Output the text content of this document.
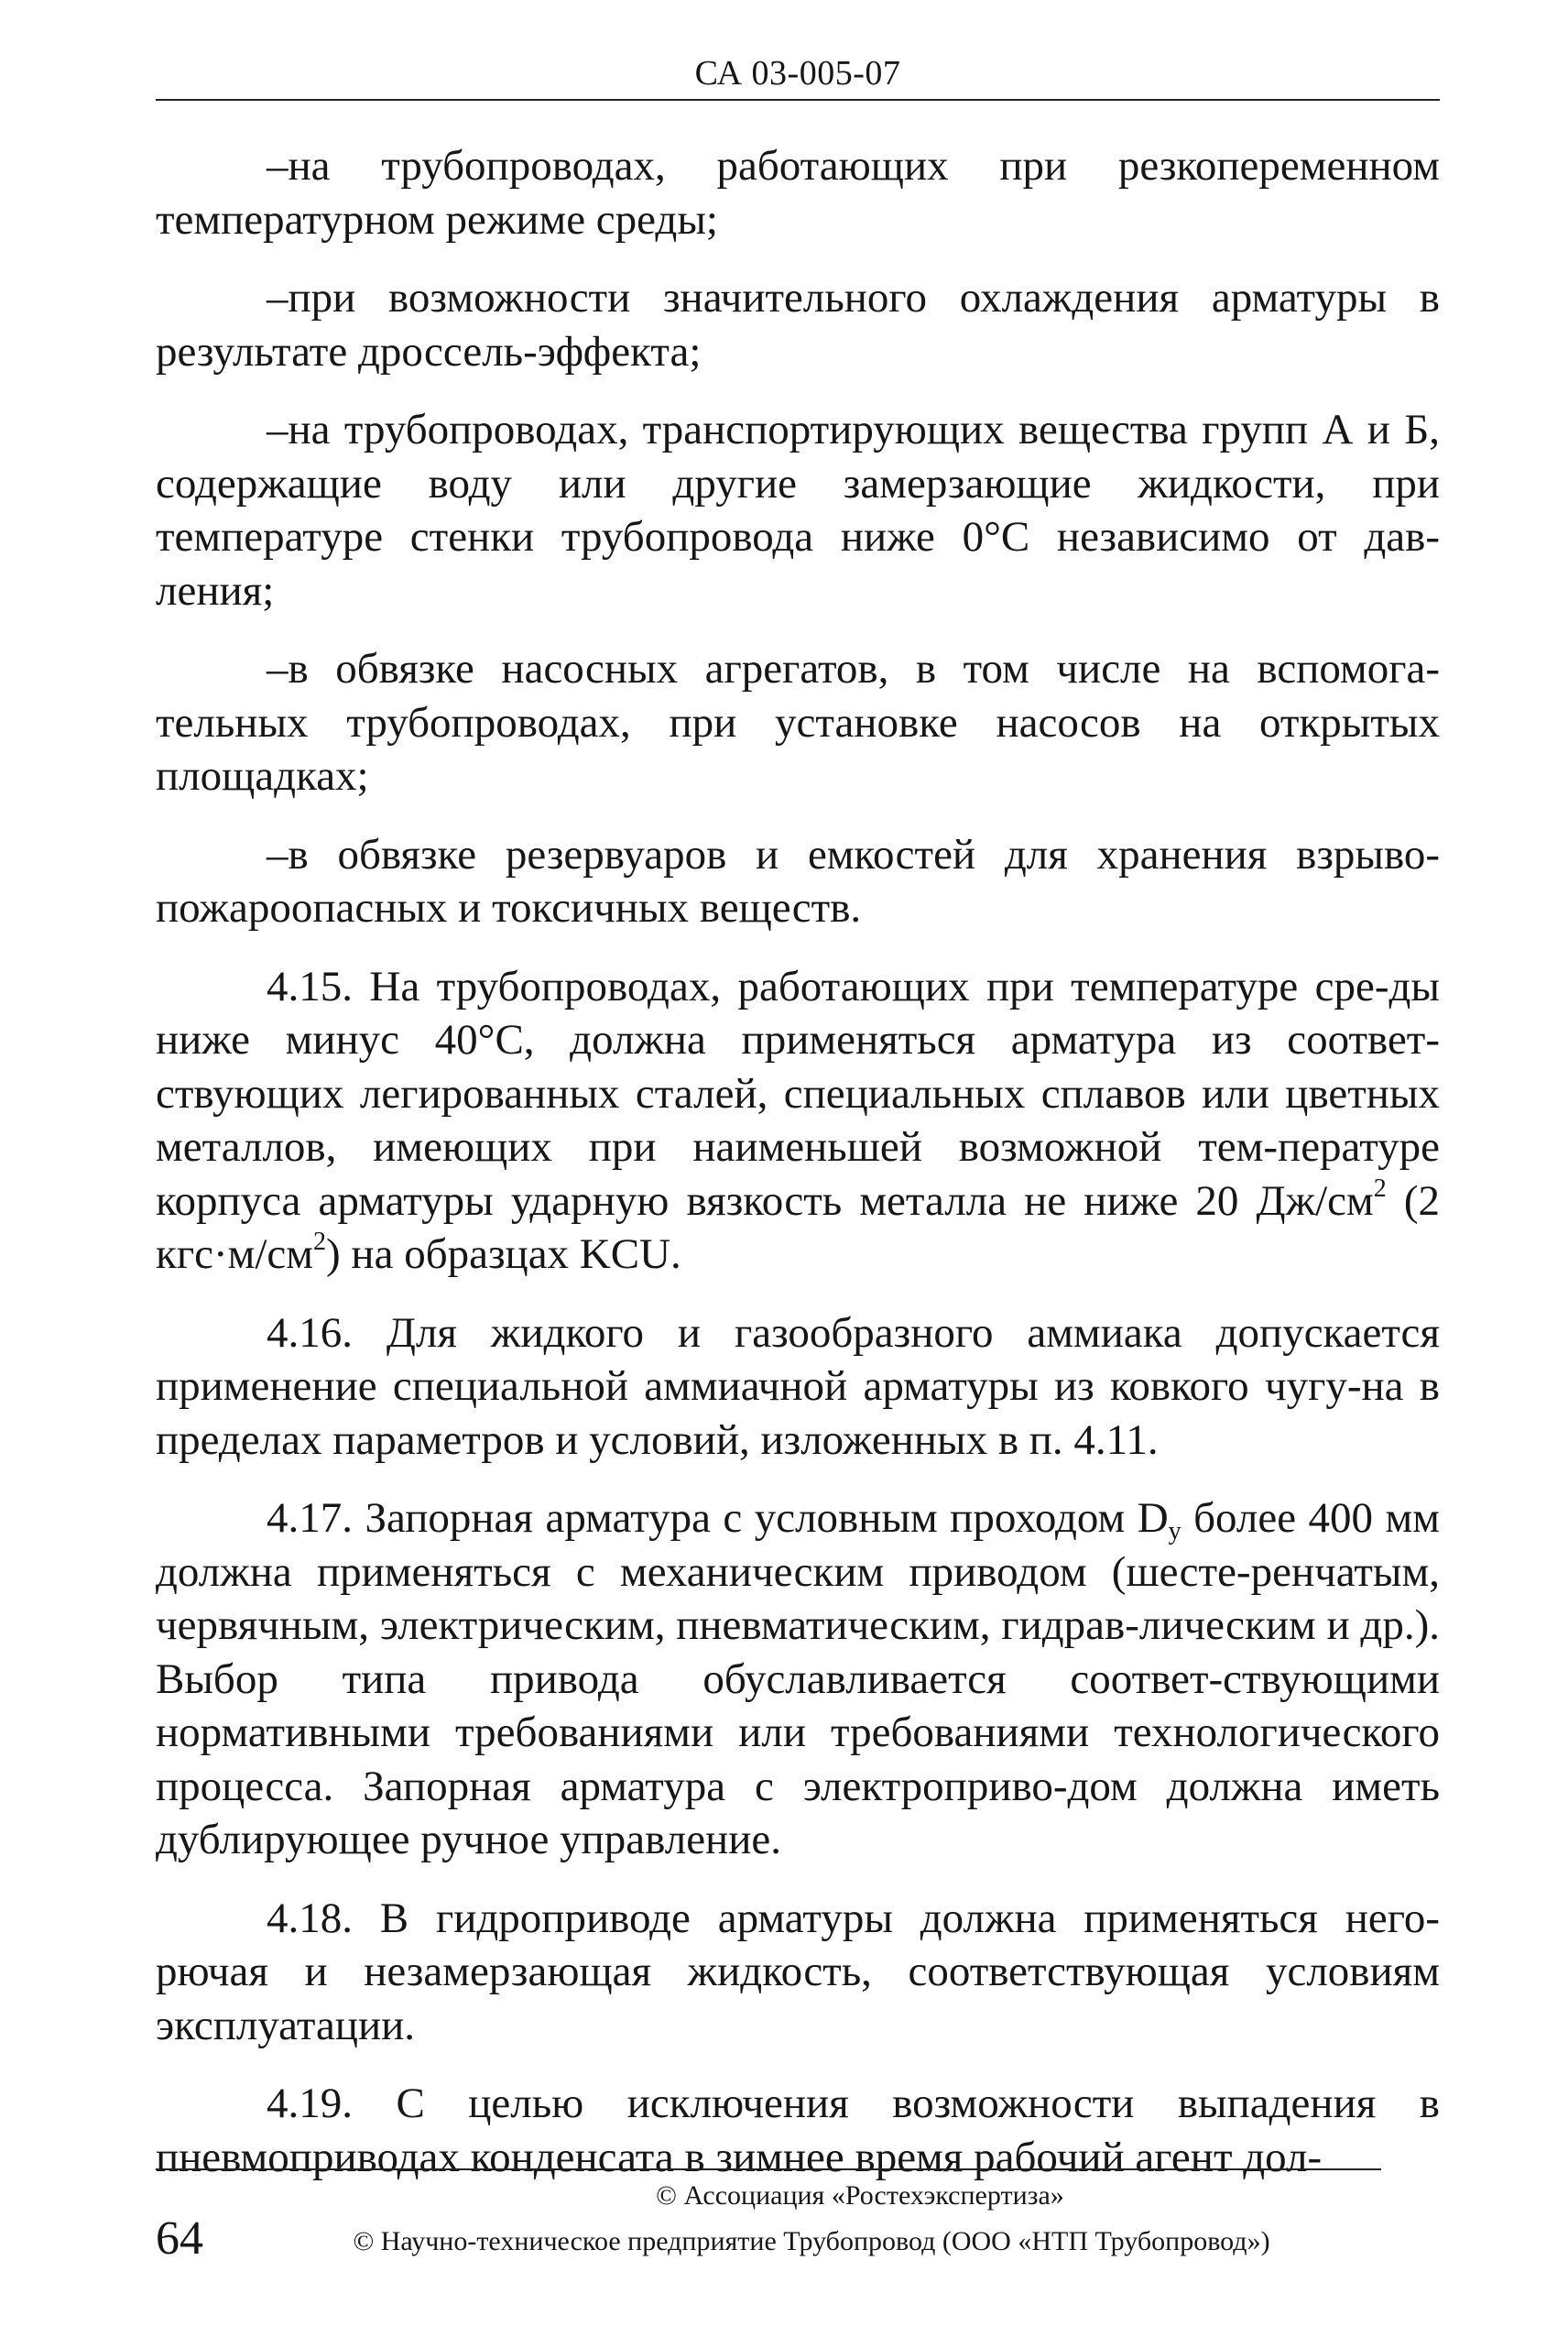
СА 03-005-07

–на трубопроводах, работающих при резкопеременном температурном режиме среды;

–при возможности значительного охлаждения арматуры в результате дроссель-эффекта;

–на трубопроводах, транспортирующих вещества групп А и Б, содержащие воду или другие замерзающие жидкости, при температуре стенки трубопровода ниже 0°С независимо от дав-ления;

–в обвязке насосных агрегатов, в том числе на вспомога-тельных трубопроводах, при установке насосов на открытых площадках;

–в обвязке резервуаров и емкостей для хранения взрыво-пожароопасных и токсичных веществ.

4.15. На трубопроводах, работающих при температуре сре-ды ниже минус 40°С, должна применяться арматура из соответ-ствующих легированных сталей, специальных сплавов или цветных металлов, имеющих при наименьшей возможной тем-пературе корпуса арматуры ударную вязкость металла не ниже 20 $Дж/см^2$ (2 $кгс\cdot м/см^2$) на образцах KCU.

4.16. Для жидкого и газообразного аммиака допускается применение специальной аммиачной арматуры из ковкого чугу-на в пределах параметров и условий, изложенных в п. 4.11.

4.17. Запорная арматура с условным проходом $D_y$ более 400 мм должна применяться с механическим приводом (шесте-ренчатым, червячным, электрическим, пневматическим, гидрав-лическим и др.). Выбор типа привода обуславливается соответ-ствующими нормативными требованиями или требованиями технологического процесса. Запорная арматура с электроприво-дом должна иметь дублирующее ручное управление.

4.18. В гидроприводе арматуры должна применяться него-рючая и незамерзающая жидкость, соответствующая условиям эксплуатации.

4.19. С целью исключения возможности выпадения в пневмоприводах конденсата в зимнее время рабочий агент дол-

© Ассоциация «Ростехэкспертиза»
64	© Научно-техническое предприятие Трубопровод (ООО «НТП Трубопровод»)
